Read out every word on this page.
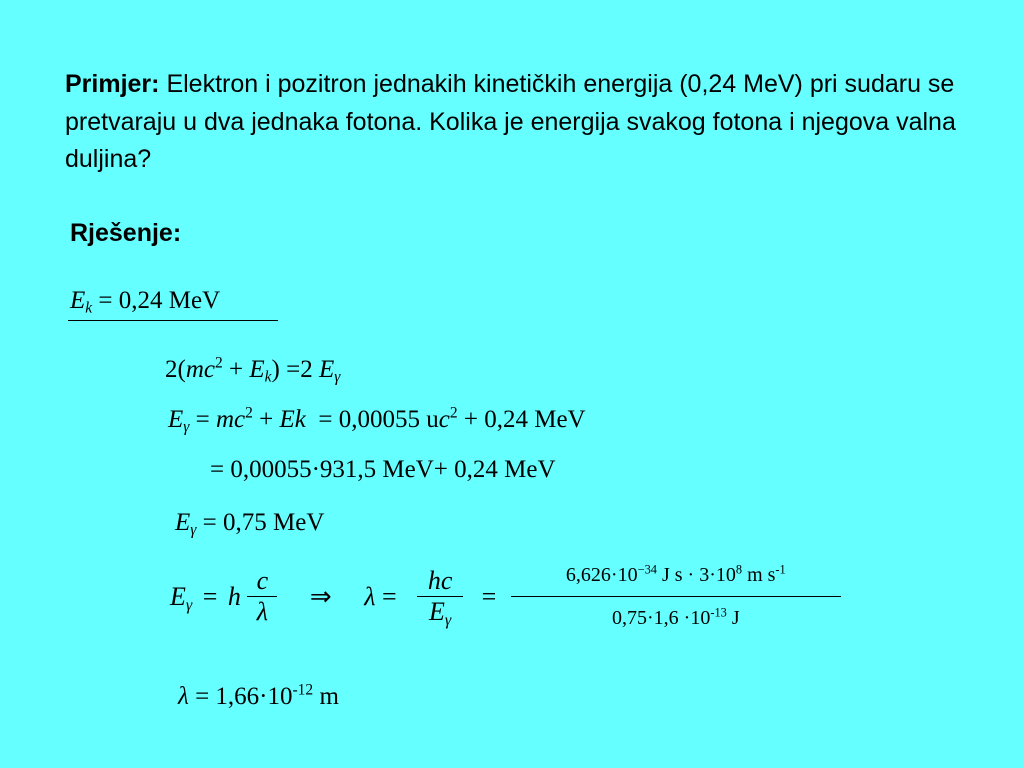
Primjer: Elektron i pozitron jednakih kinetičkih energija (0,24 MeV) pri sudaru se pretvaraju u dva jednaka fotona. Kolika je energija svakog fotona i njegova valna duljina?
Rješenje:
$E_k = 0,24$ MeV
$2(mc^2 + E_k) =2$ $E_\gamma$
$E_\gamma = mc^2 + Ek = 0,00055$ $uc^2 + 0,24$ MeV
= 0,00055·931,5 MeV+ 0,24 MeV
$E_\gamma = 0,75$ MeV
$E_\gamma = h \frac{c}{\lambda}$ ⇒ $\lambda = \frac{hc}{E_\gamma} = \frac{6,626\cdot 10^{-34} J s \cdot 3\cdot 10^8 m s^{-1}}{0,75\cdot 1,6 \cdot 10^{-13} J}$
$\lambda = 1,66\cdot 10^{-12}$ m
